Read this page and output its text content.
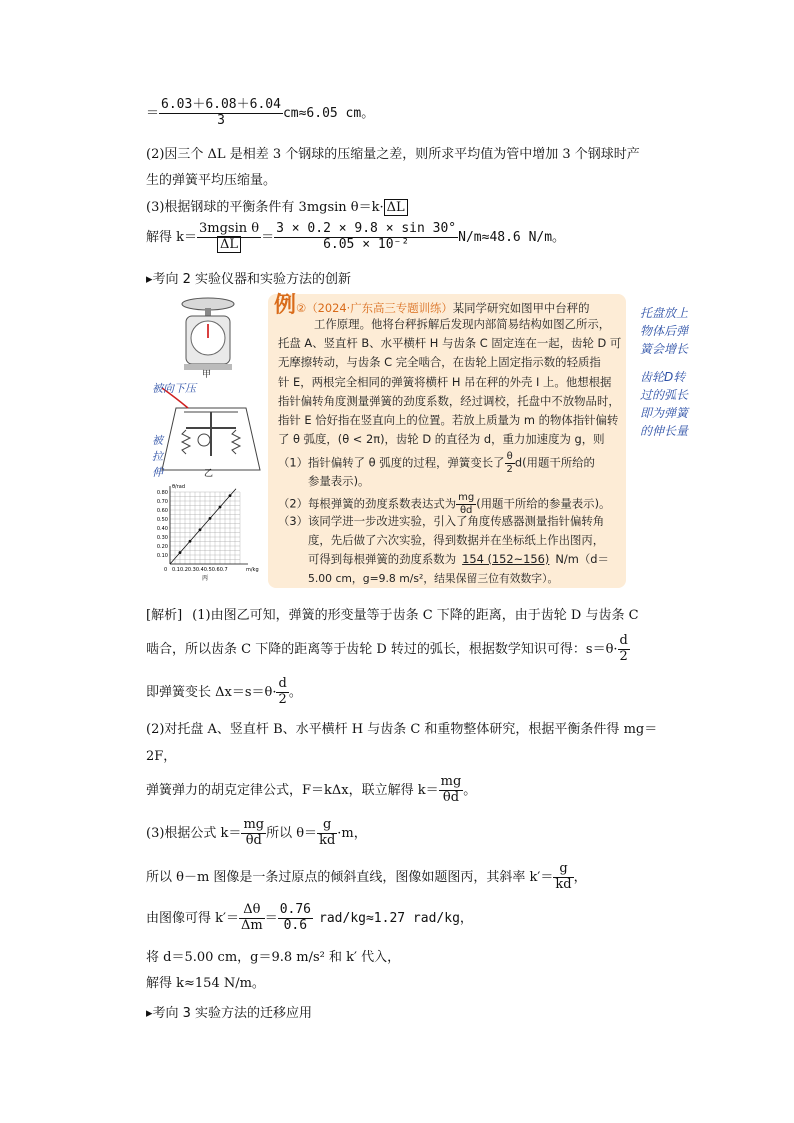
＝ $\frac{6.03+6.08+6.04}{3} cm\approx 6.05$ cm。
(2)因三个 ΔL 是相差 3 个钢球的压缩量之差，则所求平均值为管中增加 3 个钢球时产
生的弹簧平均压缩量。
(3)根据钢球的平衡条件有 3mgsin θ＝k· ΔL
解得 $k= \frac{\text{3mgsin θ}}{\Delta L} = \frac{3 \times 0.2 \times 9.8 \times \sin 30^\circ}{\text{6.05 × 10⁻²}} N/m\approx 48.6$ N/m。
▸考向 2 实验仪器和实验方法的创新
甲
被向下压
被
拉
伸	乙
0.80
0.70
0.60
0.50
0.40
0.30
0.20
0.10
0.10.20.30.40.50.60.7
0
θ/rad
m/kg
丙
例②（2024·广东高三专题训练）某同学研究如图甲中台秤的
工作原理。他将台秤拆解后发现内部简易结构如图乙所示，
托盘 A、竖直杆 B、水平横杆 H 与齿条 C 固定连在一起，齿轮 D 可
无摩擦转动，与齿条 C 完全啮合，在齿轮上固定指示数的轻质指
针 E，两根完全相同的弹簧将横杆 H 吊在秤的外壳 I 上。他想根据
指针偏转角度测量弹簧的劲度系数，经过调校，托盘中不放物品时，
指针 E 恰好指在竖直向上的位置。若放上质量为 m 的物体指针偏转
了 θ 弧度，(θ < 2π)，齿轮 D 的直径为 d，重力加速度为 g，则
（1）指针偏转了 θ 弧度的过程，弹簧变长了 $\frac{\theta}{2} d$(用题干所给的
参量表示)。
（2）每根弹簧的劲度系数表达式为 $\frac{mg}{\theta d}$ (用题干所给的参量表示)。
（3）该同学进一步改进实验，引入了角度传感器测量指针偏转角
度，先后做了六次实验，得到数据并在坐标纸上作出图丙，
可得到每根弹簧的劲度系数为 154 (152~156) N/m（d＝
5.00 cm，g=9.8 m/s²，结果保留三位有效数字）。
托盘放上
物体后弹
簧会增长
齿轮D转
过的弧长
即为弹簧
的伸长量
[解析] (1)由图乙可知，弹簧的形变量等于齿条 C 下降的距离，由于齿轮 D 与齿条 C
啮合，所以齿条 C 下降的距离等于齿轮 D 转过的弧长，根据数学知识可得：$s=\theta\cdot \frac{d}{2}$
即弹簧变长 $\Delta x=s=\theta\cdot \frac{d}{2}$ 。
(2)对托盘 A、竖直杆 B、水平横杆 H 与齿条 C 和重物整体研究，根据平衡条件得 mg＝
2F，
弹簧弹力的胡克定律公式，F＝kΔx，联立解得 $k= \frac{mg}{\theta d}$ 。
(3)根据公式 $k= \frac{mg}{\theta d}$ 所以 $\theta= \frac{g}{kd} \cdot m$，
所以 θ－m 图像是一条过原点的倾斜直线，图像如题图丙，其斜率 $k'= \frac{g}{kd}$ ，
由图像可得 $k'= \frac{\Delta\theta}{\Delta m} = \frac{0.76}{0.6} rad/kg\approx 1.27$ rad/kg，
将 d＝5.00 cm，g＝9.8 m/s² 和 k′ 代入，
解得 k≈154 N/m。
▸考向 3 实验方法的迁移应用
